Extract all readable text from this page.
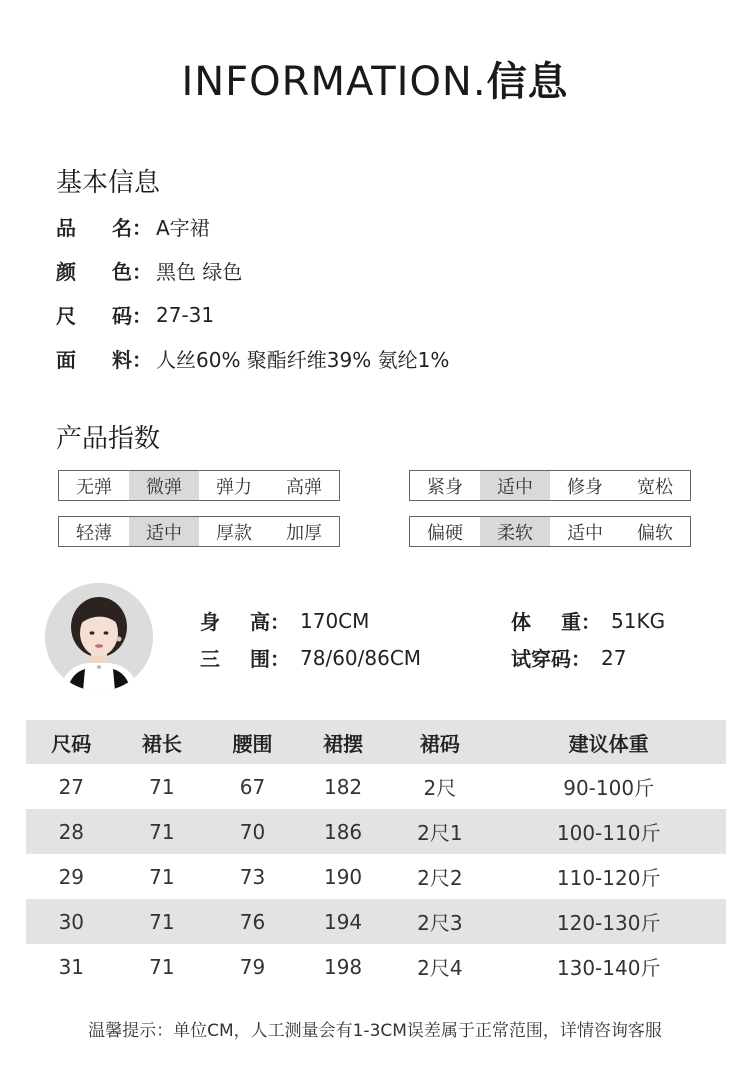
INFORMATION.信息
基本信息
品	名： A字裙
颜	色： 黑色 绿色
尺	码： 27-31
面	料： 人丝60% 聚酯纤维39% 氨纶1%
产品指数
无弹	微弹	弹力	高弹	紧身	适中	修身	宽松
轻薄	适中	厚款	加厚	偏硬	柔软	适中	偏软
身	高： 170CM
三	围： 78/60/86CM
体	重： 51KG
试穿码： 27
尺码	裙长	腰围	裙摆	裙码	建议体重
27	71	67	182	2尺	90-100斤
28	71	70	186	2尺1	100-110斤
29	71	73	190	2尺2	110-120斤
30	71	76	194	2尺3	120-130斤
31	71	79	198	2尺4	130-140斤
温馨提示：单位CM，人工测量会有1-3CM误差属于正常范围，详情咨询客服
